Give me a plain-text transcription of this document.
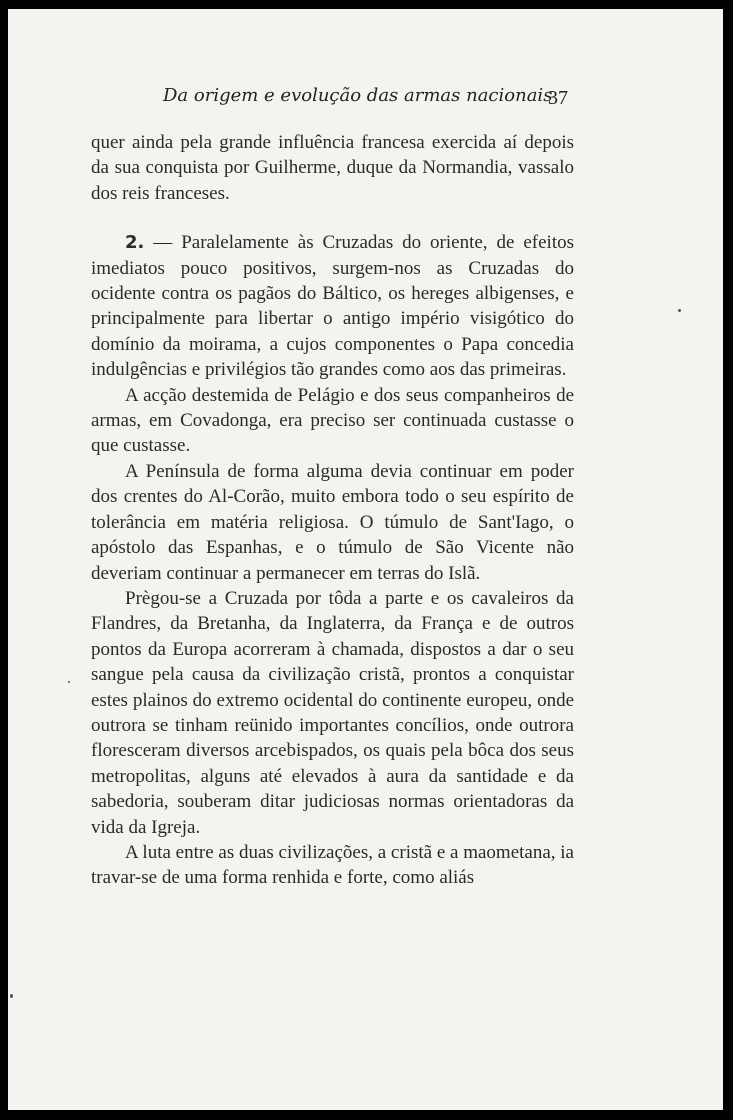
Da origem e evolução das armas nacionais
37

quer ainda pela grande influência francesa exercida aí depois da sua conquista por Guilherme, duque da Normandia, vassalo dos reis franceses.

2. — Paralelamente às Cruzadas do oriente, de efeitos imediatos pouco positivos, surgem-nos as Cruzadas do ocidente contra os pagãos do Báltico, os hereges albigenses, e principalmente para libertar o antigo império visigótico do domínio da moirama, a cujos componentes o Papa concedia indulgências e privilégios tão grandes como aos das primeiras.

A acção destemida de Pelágio e dos seus companheiros de armas, em Covadonga, era preciso ser continuada custasse o que custasse.

A Península de forma alguma devia continuar em poder dos crentes do Al-Corão, muito embora todo o seu espírito de tolerância em matéria religiosa. O túmulo de Sant'Iago, o apóstolo das Espanhas, e o túmulo de São Vicente não deveriam continuar a permanecer em terras do Islã.

Prègou-se a Cruzada por tôda a parte e os cavaleiros da Flandres, da Bretanha, da Inglaterra, da França e de outros pontos da Europa acorreram à chamada, dispostos a dar o seu sangue pela causa da civilização cristã, prontos a conquistar estes plainos do extremo ocidental do continente europeu, onde outrora se tinham reünido importantes concílios, onde outrora floresceram diversos arcebispados, os quais pela bôca dos seus metropolitas, alguns até elevados à aura da santidade e da sabedoria, souberam ditar judiciosas normas orientadoras da vida da Igreja.

A luta entre as duas civilizações, a cristã e a maometana, ia travar-se de uma forma renhida e forte, como aliás
